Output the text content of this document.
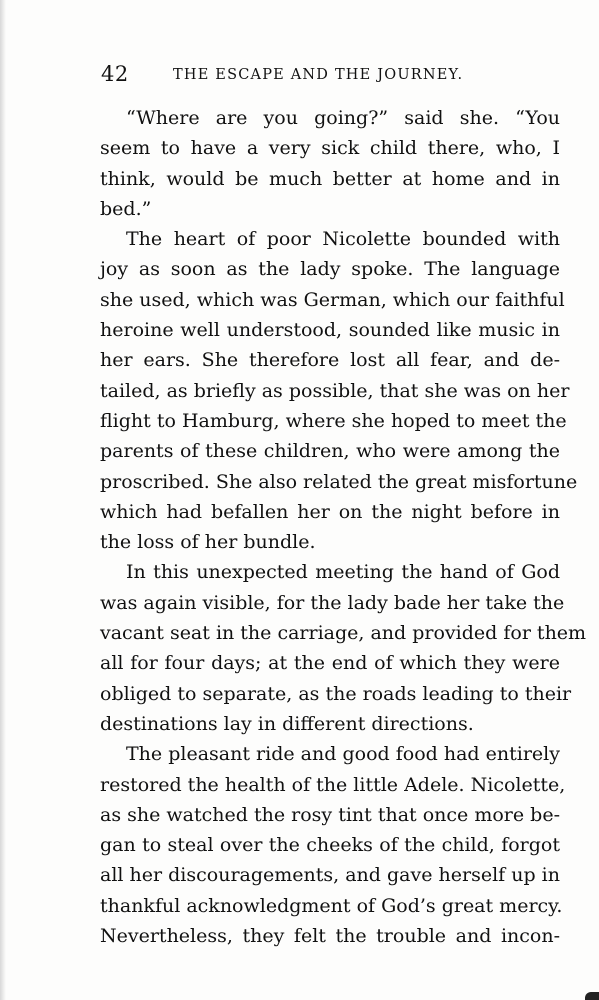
42	THE ESCAPE AND THE JOURNEY.
“Where are you going?” said she. “You
seem to have a very sick child there, who, I
think, would be much better at home and in
bed.”
The heart of poor Nicolette bounded with
joy as soon as the lady spoke. The language
she used, which was German, which our faithful
heroine well understood, sounded like music in
her ears. She therefore lost all fear, and de-
tailed, as briefly as possible, that she was on her
flight to Hamburg, where she hoped to meet the
parents of these children, who were among the
proscribed. She also related the great misfortune
which had befallen her on the night before in
the loss of her bundle.
In this unexpected meeting the hand of God
was again visible, for the lady bade her take the
vacant seat in the carriage, and provided for them
all for four days; at the end of which they were
obliged to separate, as the roads leading to their
destinations lay in different directions.
The pleasant ride and good food had entirely
restored the health of the little Adele. Nicolette,
as she watched the rosy tint that once more be-
gan to steal over the cheeks of the child, forgot
all her discouragements, and gave herself up in
thankful acknowledgment of God’s great mercy.
Nevertheless, they felt the trouble and incon-
